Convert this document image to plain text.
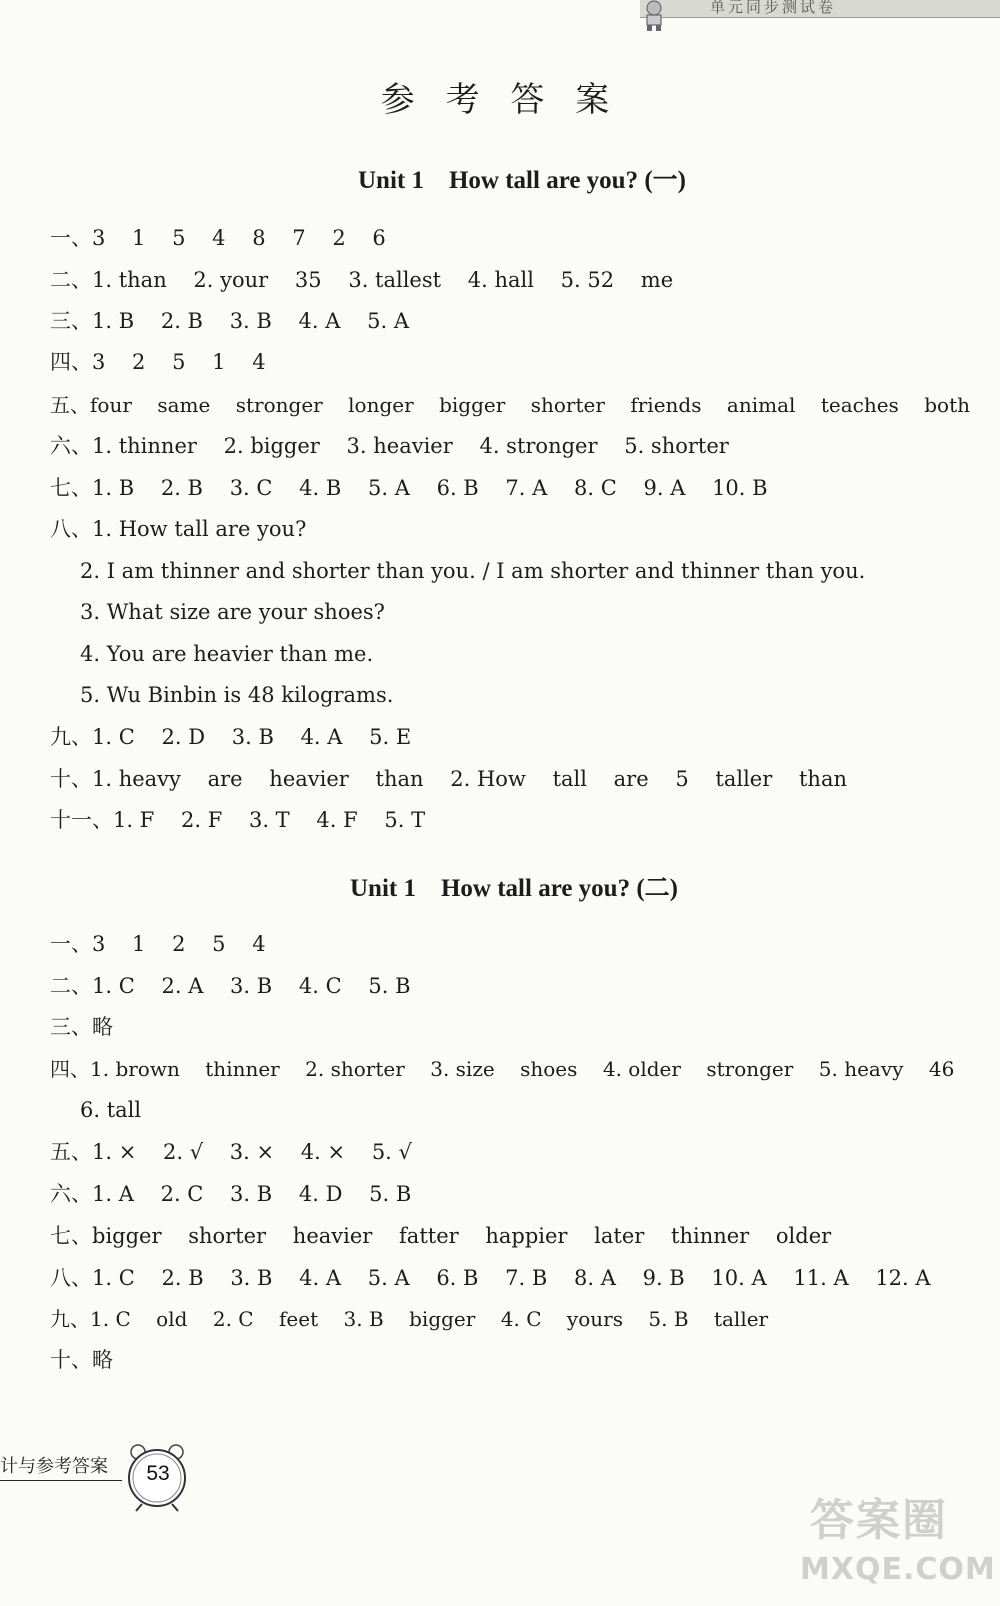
单元同步测试卷
参 考 答 案
Unit 1    How tall are you? (一)
一、3    1    5    4    8    7    2    6
二、1. than    2. your    35    3. tallest    4. hall    5. 52    me
三、1. B    2. B    3. B    4. A    5. A
四、3    2    5    1    4
五、four    same    stronger    longer    bigger    shorter    friends    animal    teaches    both
六、1. thinner    2. bigger    3. heavier    4. stronger    5. shorter
七、1. B    2. B    3. C    4. B    5. A    6. B    7. A    8. C    9. A    10. B
八、1. How tall are you?
2. I am thinner and shorter than you. / I am shorter and thinner than you.
3. What size are your shoes?
4. You are heavier than me.
5. Wu Binbin is 48 kilograms.
九、1. C    2. D    3. B    4. A    5. E
十、1. heavy    are    heavier    than    2. How    tall    are    5    taller    than
十一、1. F    2. F    3. T    4. F    5. T
Unit 1    How tall are you? (二)
一、3    1    2    5    4
二、1. C    2. A    3. B    4. C    5. B
三、略
四、1. brown    thinner    2. shorter    3. size    shoes    4. older    stronger    5. heavy    46
6. tall
五、1. ×    2. √    3. ×    4. ×    5. √
六、1. A    2. C    3. B    4. D    5. B
七、bigger    shorter    heavier    fatter    happier    later    thinner    older
八、1. C    2. B    3. B    4. A    5. A    6. B    7. B    8. A    9. B    10. A    11. A    12. A
九、1. C    old    2. C    feet    3. B    bigger    4. C    yours    5. B    taller
十、略
计与参考答案	53
答案圈
MXQE.COM
